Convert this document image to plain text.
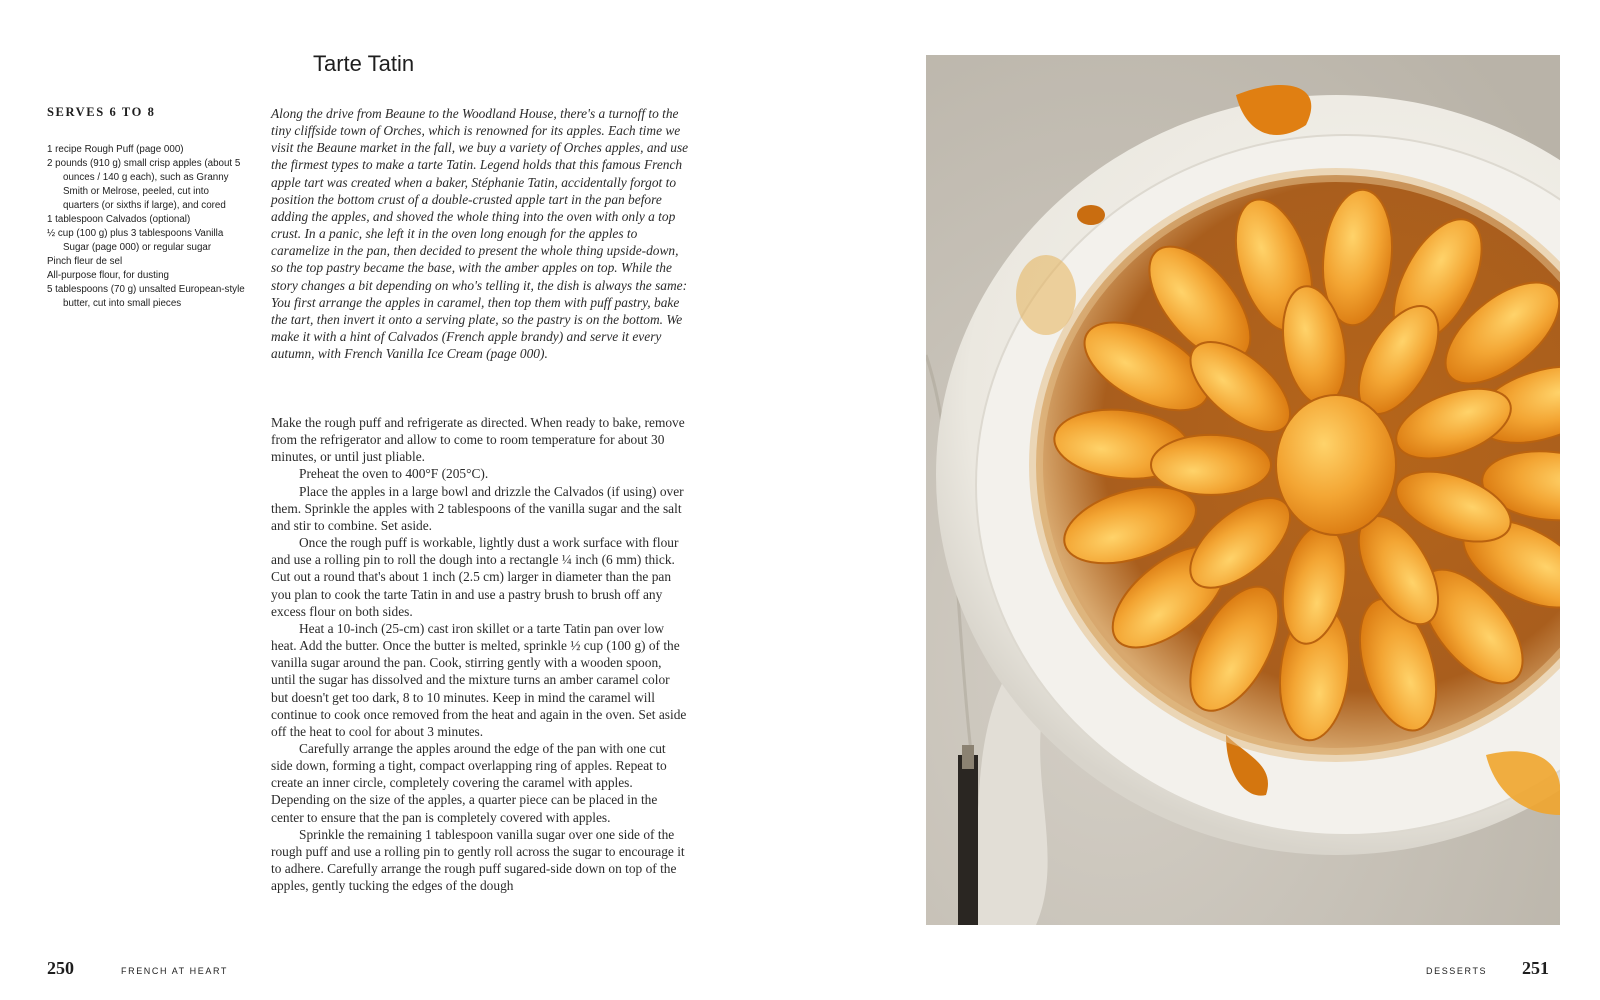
Tarte Tatin
SERVES 6 TO 8
1 recipe Rough Puff (page 000)
2 pounds (910 g) small crisp apples (about 5 ounces / 140 g each), such as Granny Smith or Melrose, peeled, cut into quarters (or sixths if large), and cored
1 tablespoon Calvados (optional)
½ cup (100 g) plus 3 tablespoons Vanilla Sugar (page 000) or regular sugar
Pinch fleur de sel
All-purpose flour, for dusting
5 tablespoons (70 g) unsalted European-style butter, cut into small pieces

Along the drive from Beaune to the Woodland House, there's a turnoff to the tiny cliffside town of Orches, which is renowned for its apples. Each time we visit the Beaune market in the fall, we buy a variety of Orches apples, and use the firmest types to make a tarte Tatin. Legend holds that this famous French apple tart was created when a baker, Stéphanie Tatin, accidentally forgot to position the bottom crust of a double-crusted apple tart in the pan before adding the apples, and shoved the whole thing into the oven with only a top crust. In a panic, she left it in the oven long enough for the apples to caramelize in the pan, then decided to present the whole thing upside-down, so the top pastry became the base, with the amber apples on top. While the story changes a bit depending on who's telling it, the dish is always the same: You first arrange the apples in caramel, then top them with puff pastry, bake the tart, then invert it onto a serving plate, so the pastry is on the bottom. We make it with a hint of Calvados (French apple brandy) and serve it every autumn, with French Vanilla Ice Cream (page 000).

Make the rough puff and refrigerate as directed. When ready to bake, remove from the refrigerator and allow to come to room temperature for about 30 minutes, or until just pliable.

Preheat the oven to 400°F (205°C).

Place the apples in a large bowl and drizzle the Calvados (if using) over them. Sprinkle the apples with 2 tablespoons of the vanilla sugar and the salt and stir to combine. Set aside.

Once the rough puff is workable, lightly dust a work surface with flour and use a rolling pin to roll the dough into a rectangle ¼ inch (6 mm) thick. Cut out a round that's about 1 inch (2.5 cm) larger in diameter than the pan you plan to cook the tarte Tatin in and use a pastry brush to brush off any excess flour on both sides.

Heat a 10-inch (25-cm) cast iron skillet or a tarte Tatin pan over low heat. Add the butter. Once the butter is melted, sprinkle ½ cup (100 g) of the vanilla sugar around the pan. Cook, stirring gently with a wooden spoon, until the sugar has dissolved and the mixture turns an amber caramel color but doesn't get too dark, 8 to 10 minutes. Keep in mind the caramel will continue to cook once removed from the heat and again in the oven. Set aside off the heat to cool for about 3 minutes.

Carefully arrange the apples around the edge of the pan with one cut side down, forming a tight, compact overlapping ring of apples. Repeat to create an inner circle, completely covering the caramel with apples. Depending on the size of the apples, a quarter piece can be placed in the center to ensure that the pan is completely covered with apples.

Sprinkle the remaining 1 tablespoon vanilla sugar over one side of the rough puff and use a rolling pin to gently roll across the sugar to encourage it to adhere. Carefully arrange the rough puff sugared-side down on top of the apples, gently tucking the edges of the dough

250	FRENCH AT HEART	DESSERTS 251
